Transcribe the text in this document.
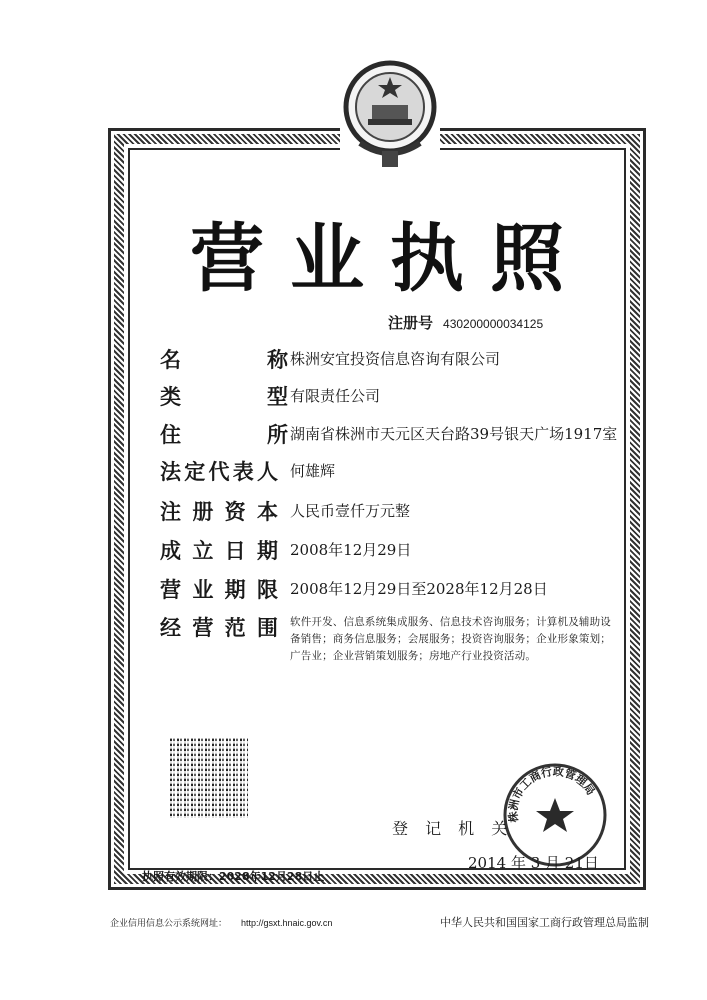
营业执照
注册号 430200000034125
名	称 株洲安宜投资信息咨询有限公司
类	型 有限责任公司
住	所 湖南省株洲市天元区天台路39号银天广场1917室
法 定 代 表 人 何雄辉
注 册 资 本 人民币壹仟万元整
成 立 日 期 2008年12月29日
营 业 期 限 2008年12月29日至2028年12月28日
经 营 范 围 软件开发、信息系统集成服务、信息技术咨询服务；计算机及辅助设备销售；商务信息服务；会展服务；投资咨询服务；企业形象策划；广告业；企业营销策划服务；房地产行业投资活动。
株洲市工商行政管理局
登 记 机 关
2014 年 3 月 21日
执照有效期限：2028年12月28日止
企业信用信息公示系统网址： http://gsxt.hnaic.gov.cn	中华人民共和国国家工商行政管理总局监制
